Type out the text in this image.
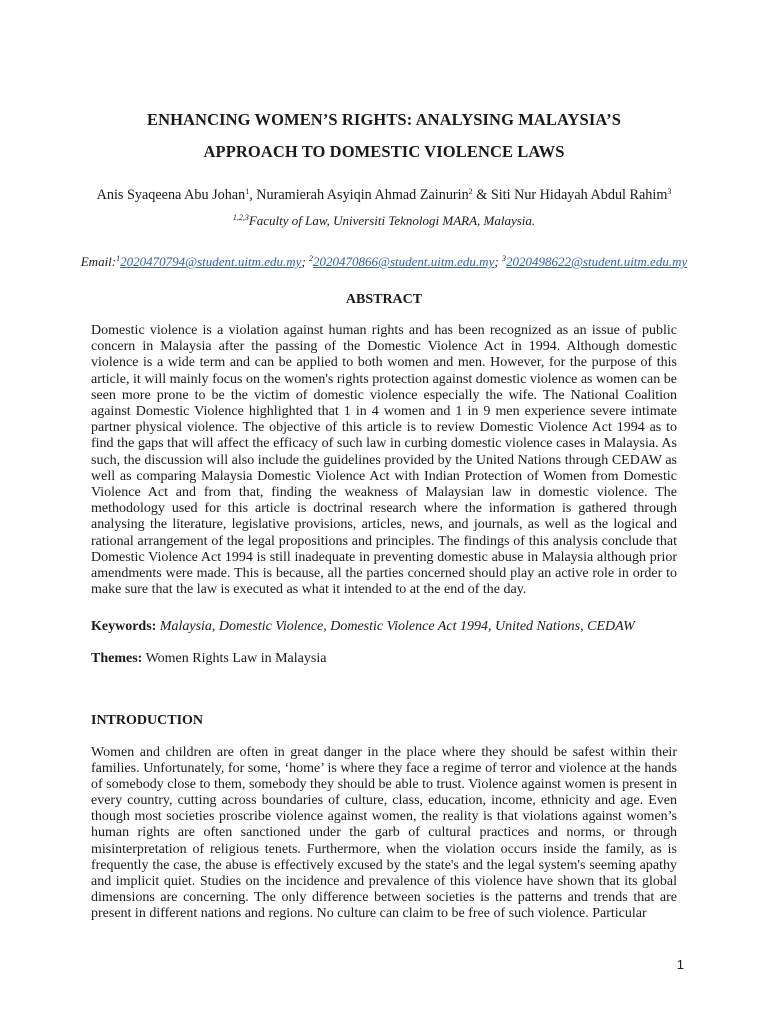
ENHANCING WOMEN’S RIGHTS: ANALYSING MALAYSIA’S
APPROACH TO DOMESTIC VIOLENCE LAWS
Anis Syaqeena Abu Johan$^1$, Nuramierah Asyiqin Ahmad Zainurin$^2$ & Siti Nur Hidayah Abdul Rahim$^3$
$^{1,2,3}$Faculty of Law, Universiti Teknologi MARA, Malaysia.
Email:$^1$2020470794@student.uitm.edu.my; $^2$2020470866@student.uitm.edu.my; $^3$2020498622@student.uitm.edu.my
ABSTRACT
Domestic violence is a violation against human rights and has been recognized as an issue of public concern in Malaysia after the passing of the Domestic Violence Act in 1994. Although domestic violence is a wide term and can be applied to both women and men. However, for the purpose of this article, it will mainly focus on the women's rights protection against domestic violence as women can be seen more prone to be the victim of domestic violence especially the wife. The National Coalition against Domestic Violence highlighted that 1 in 4 women and 1 in 9 men experience severe intimate partner physical violence. The objective of this article is to review Domestic Violence Act 1994 as to find the gaps that will affect the efficacy of such law in curbing domestic violence cases in Malaysia. As such, the discussion will also include the guidelines provided by the United Nations through CEDAW as well as comparing Malaysia Domestic Violence Act with Indian Protection of Women from Domestic Violence Act and from that, finding the weakness of Malaysian law in domestic violence. The methodology used for this article is doctrinal research where the information is gathered through analysing the literature, legislative provisions, articles, news, and journals, as well as the logical and rational arrangement of the legal propositions and principles. The findings of this analysis conclude that Domestic Violence Act 1994 is still inadequate in preventing domestic abuse in Malaysia although prior amendments were made. This is because, all the parties concerned should play an active role in order to make sure that the law is executed as what it intended to at the end of the day.
Keywords: Malaysia, Domestic Violence, Domestic Violence Act 1994, United Nations, CEDAW
Themes: Women Rights Law in Malaysia
INTRODUCTION
Women and children are often in great danger in the place where they should be safest within their families. Unfortunately, for some, ‘home’ is where they face a regime of terror and violence at the hands of somebody close to them, somebody they should be able to trust. Violence against women is present in every country, cutting across boundaries of culture, class, education, income, ethnicity and age. Even though most societies proscribe violence against women, the reality is that violations against women’s human rights are often sanctioned under the garb of cultural practices and norms, or through misinterpretation of religious tenets. Furthermore, when the violation occurs inside the family, as is frequently the case, the abuse is effectively excused by the state's and the legal system's seeming apathy and implicit quiet. Studies on the incidence and prevalence of this violence have shown that its global dimensions are concerning. The only difference between societies is the patterns and trends that are present in different nations and regions. No culture can claim to be free of such violence. Particular
1
